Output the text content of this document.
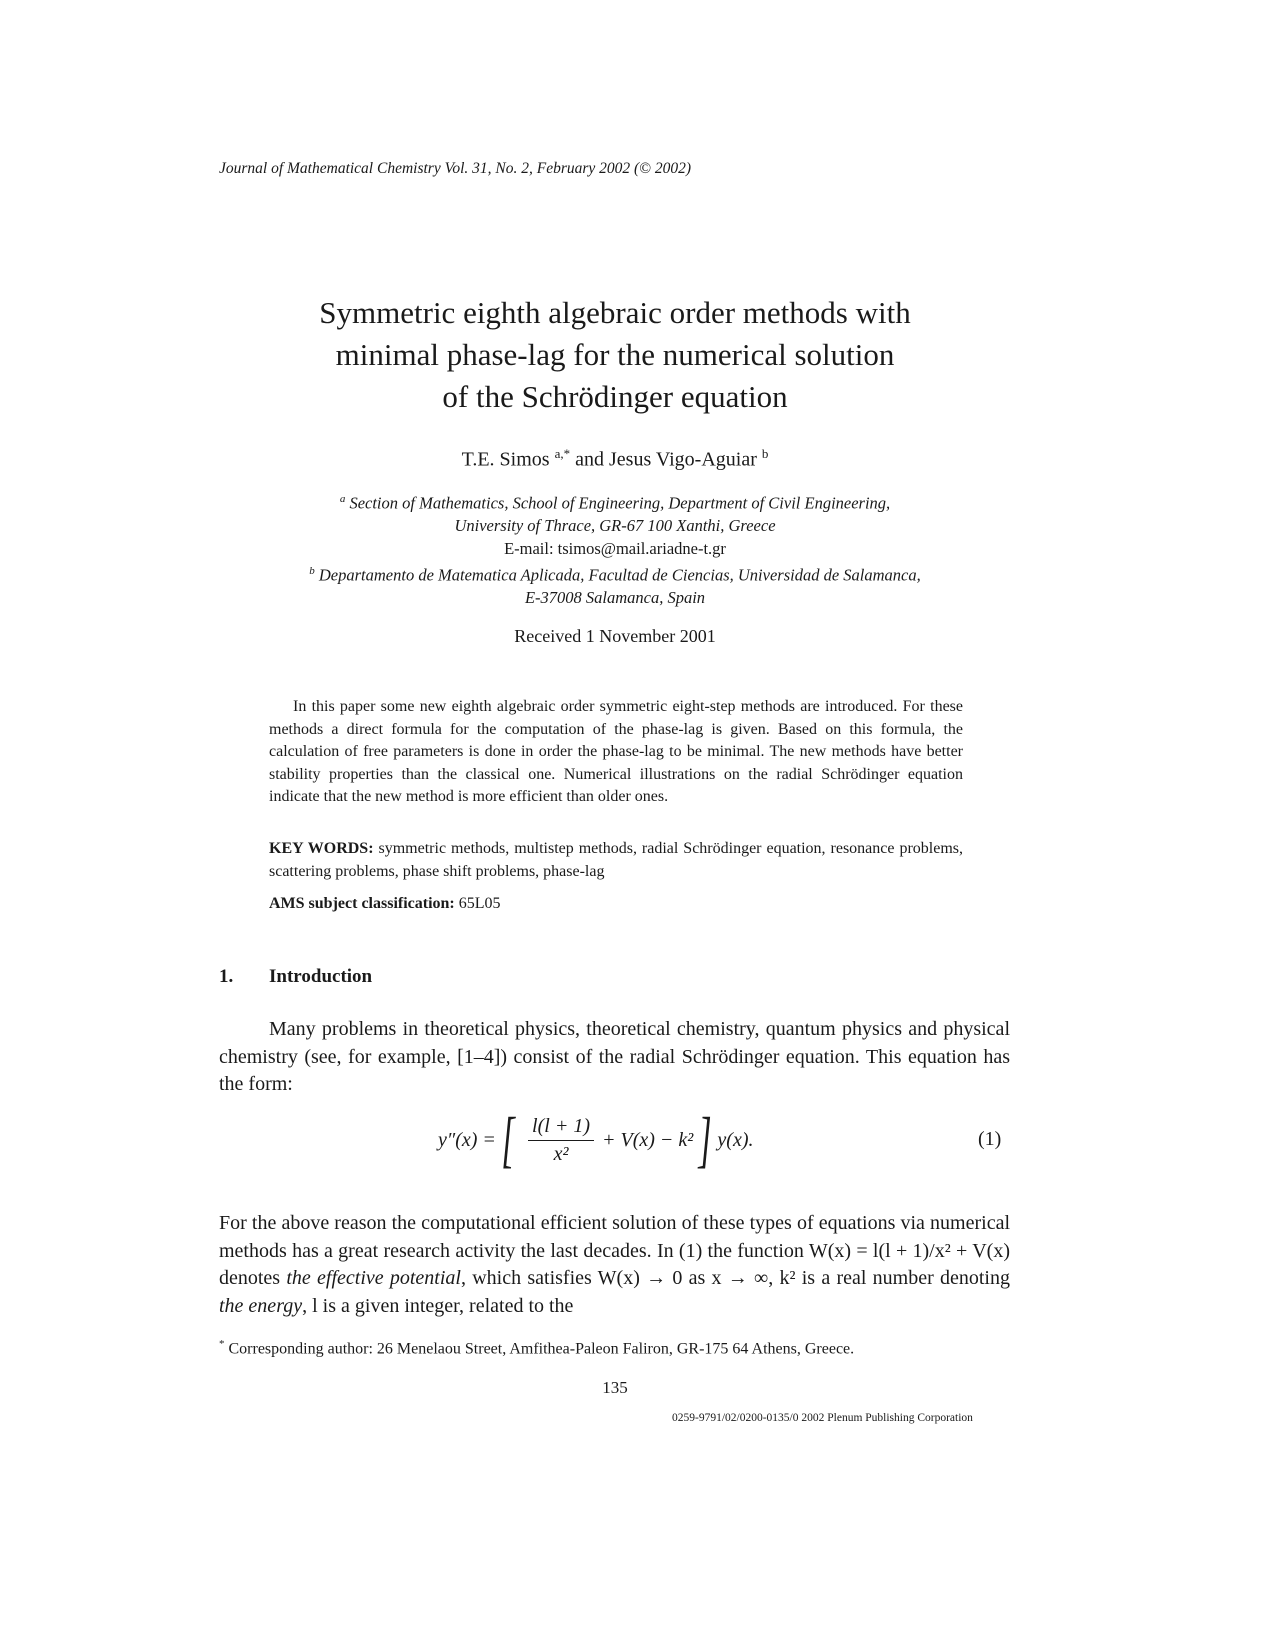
Journal of Mathematical Chemistry Vol. 31, No. 2, February 2002 (© 2002)
Symmetric eighth algebraic order methods with
minimal phase-lag for the numerical solution
of the Schrödinger equation
T.E. Simos $^{a,*}$ and Jesus Vigo-Aguiar $^b$
$^a$ Section of Mathematics, School of Engineering, Department of Civil Engineering,
University of Thrace, GR-67 100 Xanthi, Greece
E-mail: tsimos@mail.ariadne-t.gr
$^b$ Departamento de Matematica Aplicada, Facultad de Ciencias, Universidad de Salamanca,
E-37008 Salamanca, Spain
Received 1 November 2001
In this paper some new eighth algebraic order symmetric eight-step methods are introduced. For these methods a direct formula for the computation of the phase-lag is given. Based on this formula, the calculation of free parameters is done in order the phase-lag to be minimal. The new methods have better stability properties than the classical one. Numerical illustrations on the radial Schrödinger equation indicate that the new method is more efficient than older ones.
KEY WORDS: symmetric methods, multistep methods, radial Schrödinger equation, resonance problems, scattering problems, phase shift problems, phase-lag
AMS subject classification: 65L05
1. Introduction
Many problems in theoretical physics, theoretical chemistry, quantum physics and physical chemistry (see, for example, [1–4]) consist of the radial Schrödinger equation. This equation has the form:
y″(x) = [ $\frac{l(l + 1)}{\text{x²}} + V(x) - k^2$ ] y(x).	(1)
For the above reason the computational efficient solution of these types of equations via numerical methods has a great research activity the last decades. In (1) the function W(x) = l(l + 1)/x² + V(x) denotes the effective potential, which satisfies W(x) → 0 as x → ∞, k² is a real number denoting the energy, l is a given integer, related to the
* Corresponding author: 26 Menelaou Street, Amfithea-Paleon Faliron, GR-175 64 Athens, Greece.
135
0259-9791/02/0200-0135/0 2002 Plenum Publishing Corporation
